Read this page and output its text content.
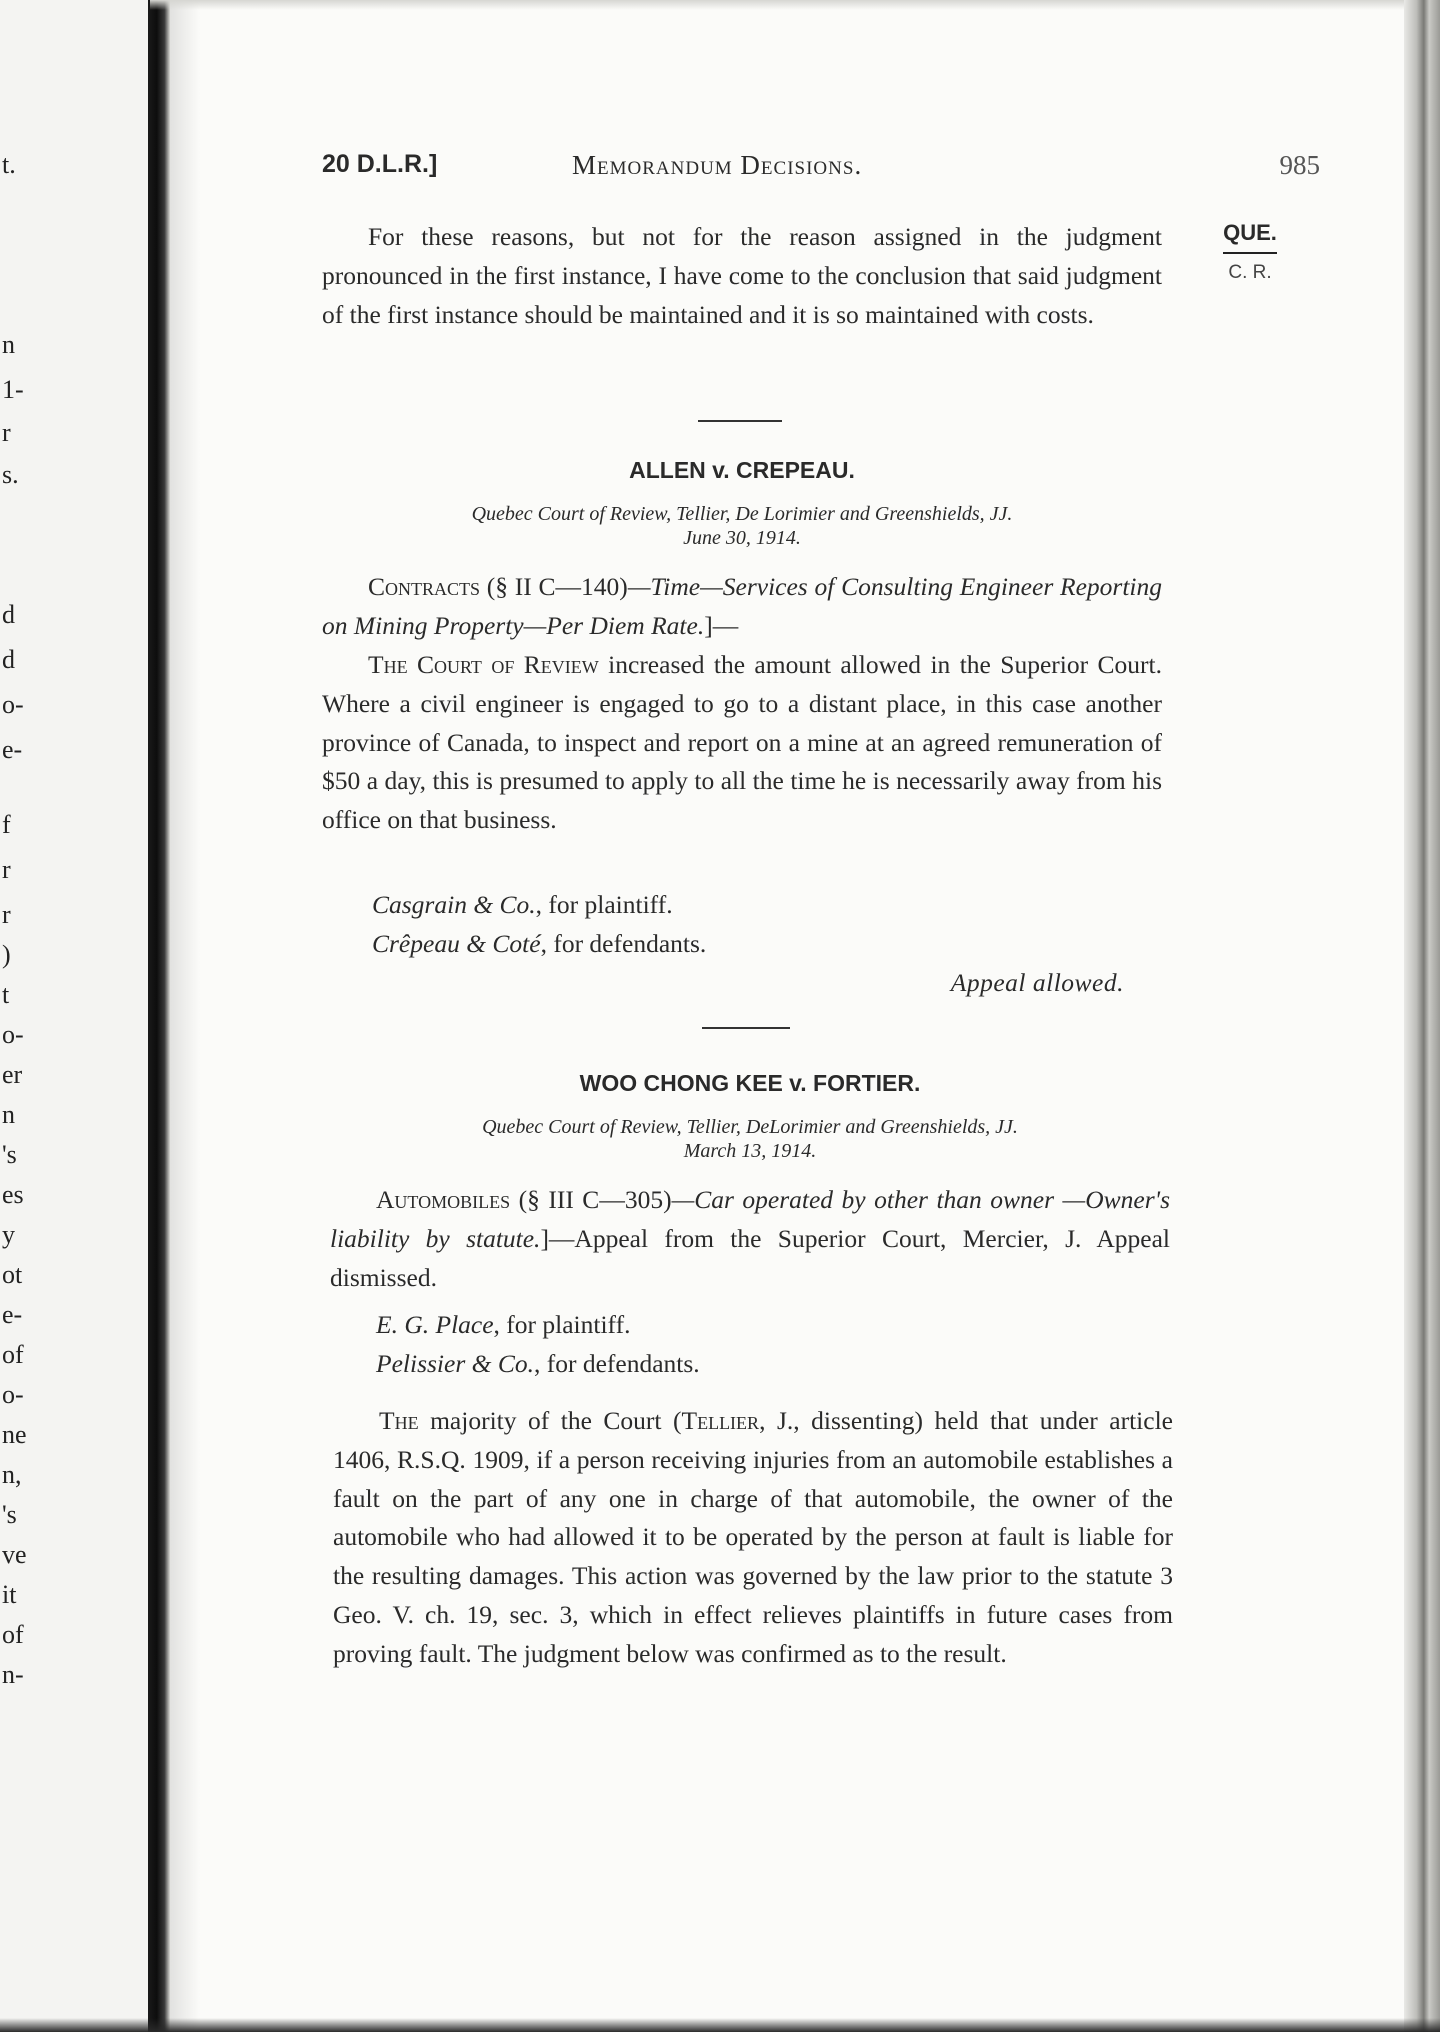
t.
n
1-
r
s.
d
d
o-
e-
f
r
r
)
t
o-
er
n
's
es
y
ot
e-
of
o-
ne
n,
's
ve
it
of
n-
20 D.L.R.]	Memorandum Decisions.	985
QUE.
C. R.
For these reasons, but not for the reason assigned in the judgment pronounced in the first instance, I have come to the conclusion that said judgment of the first instance should be maintained and it is so maintained with costs.
ALLEN v. CREPEAU.
Quebec Court of Review, Tellier, De Lorimier and Greenshields, JJ.
June 30, 1914.
Contracts (§ II C—140)—Time—Services of Consulting Engineer Reporting on Mining Property—Per Diem Rate.]—
The Court of Review increased the amount allowed in the Superior Court. Where a civil engineer is engaged to go to a distant place, in this case another province of Canada, to inspect and report on a mine at an agreed remuneration of $50 a day, this is presumed to apply to all the time he is necessarily away from his office on that business.
Casgrain & Co., for plaintiff.
Crêpeau & Coté, for defendants.
Appeal allowed.
WOO CHONG KEE v. FORTIER.
Quebec Court of Review, Tellier, DeLorimier and Greenshields, JJ.
March 13, 1914.
Automobiles (§ III C—305)—Car operated by other than owner —Owner's liability by statute.]—Appeal from the Superior Court, Mercier, J. Appeal dismissed.
E. G. Place, for plaintiff.
Pelissier & Co., for defendants.
The majority of the Court (Tellier, J., dissenting) held that under article 1406, R.S.Q. 1909, if a person receiving injuries from an automobile establishes a fault on the part of any one in charge of that automobile, the owner of the automobile who had allowed it to be operated by the person at fault is liable for the resulting damages. This action was governed by the law prior to the statute 3 Geo. V. ch. 19, sec. 3, which in effect relieves plaintiffs in future cases from proving fault. The judgment below was confirmed as to the result.
